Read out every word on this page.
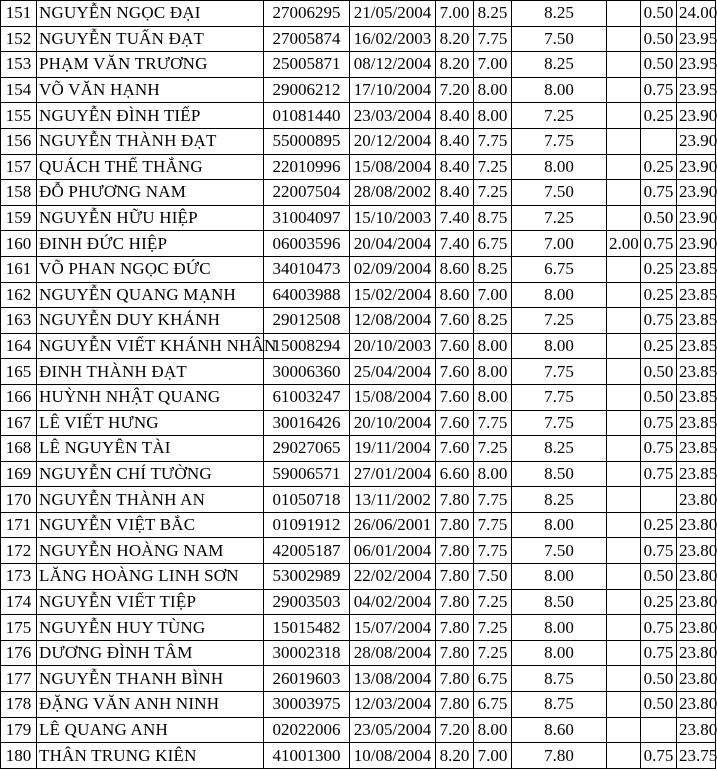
151	NGUYỄN NGỌC ĐẠI	27006295	21/05/2004	7.00	8.25	8.25		0.50	24.00
152	NGUYỄN TUẤN ĐẠT	27005874	16/02/2003	8.20	7.75	7.50		0.50	23.95
153	PHẠM VĂN TRƯƠNG	25005871	08/12/2004	8.20	7.00	8.25		0.50	23.95
154	VÕ VĂN HẠNH	29006212	17/10/2004	7.20	8.00	8.00		0.75	23.95
155	NGUYỄN ĐÌNH TIẾP	01081440	23/03/2004	8.40	8.00	7.25		0.25	23.90
156	NGUYỄN THÀNH ĐẠT	55000895	20/12/2004	8.40	7.75	7.75			23.90
157	QUÁCH THẾ THẮNG	22010996	15/08/2004	8.40	7.25	8.00		0.25	23.90
158	ĐỖ PHƯƠNG NAM	22007504	28/08/2002	8.40	7.25	7.50		0.75	23.90
159	NGUYỄN HỮU HIỆP	31004097	15/10/2003	7.40	8.75	7.25		0.50	23.90
160	ĐINH ĐỨC HIỆP	06003596	20/04/2004	7.40	6.75	7.00	2.00	0.75	23.90
161	VÕ PHAN NGỌC ĐỨC	34010473	02/09/2004	8.60	8.25	6.75		0.25	23.85
162	NGUYỄN QUANG MẠNH	64003988	15/02/2004	8.60	7.00	8.00		0.25	23.85
163	NGUYỄN DUY KHÁNH	29012508	12/08/2004	7.60	8.25	7.25		0.75	23.85
164	NGUYỄN VIẾT KHÁNH NHÂN	15008294	20/10/2003	7.60	8.00	8.00		0.25	23.85
165	ĐINH THÀNH ĐẠT	30006360	25/04/2004	7.60	8.00	7.75		0.50	23.85
166	HUỲNH NHẬT QUANG	61003247	15/08/2004	7.60	8.00	7.75		0.50	23.85
167	LÊ VIẾT HƯNG	30016426	20/10/2004	7.60	7.75	7.75		0.75	23.85
168	LÊ NGUYÊN TÀI	29027065	19/11/2004	7.60	7.25	8.25		0.75	23.85
169	NGUYỄN CHÍ TƯỜNG	59006571	27/01/2004	6.60	8.00	8.50		0.75	23.85
170	NGUYỄN THÀNH AN	01050718	13/11/2002	7.80	7.75	8.25			23.80
171	NGUYỄN VIỆT BẮC	01091912	26/06/2001	7.80	7.75	8.00		0.25	23.80
172	NGUYỄN HOÀNG NAM	42005187	06/01/2004	7.80	7.75	7.50		0.75	23.80
173	LĂNG HOÀNG LINH SƠN	53002989	22/02/2004	7.80	7.50	8.00		0.50	23.80
174	NGUYỄN VIẾT TIỆP	29003503	04/02/2004	7.80	7.25	8.50		0.25	23.80
175	NGUYỄN HUY TÙNG	15015482	15/07/2004	7.80	7.25	8.00		0.75	23.80
176	DƯƠNG ĐÌNH TÂM	30002318	28/08/2004	7.80	7.25	8.00		0.75	23.80
177	NGUYỄN THANH BÌNH	26019603	13/08/2004	7.80	6.75	8.75		0.50	23.80
178	ĐẶNG VĂN ANH NINH	30003975	12/03/2004	7.80	6.75	8.75		0.50	23.80
179	LÊ QUANG ANH	02022006	23/05/2004	7.20	8.00	8.60			23.80
180	THÂN TRUNG KIÊN	41001300	10/08/2004	8.20	7.00	7.80		0.75	23.75
